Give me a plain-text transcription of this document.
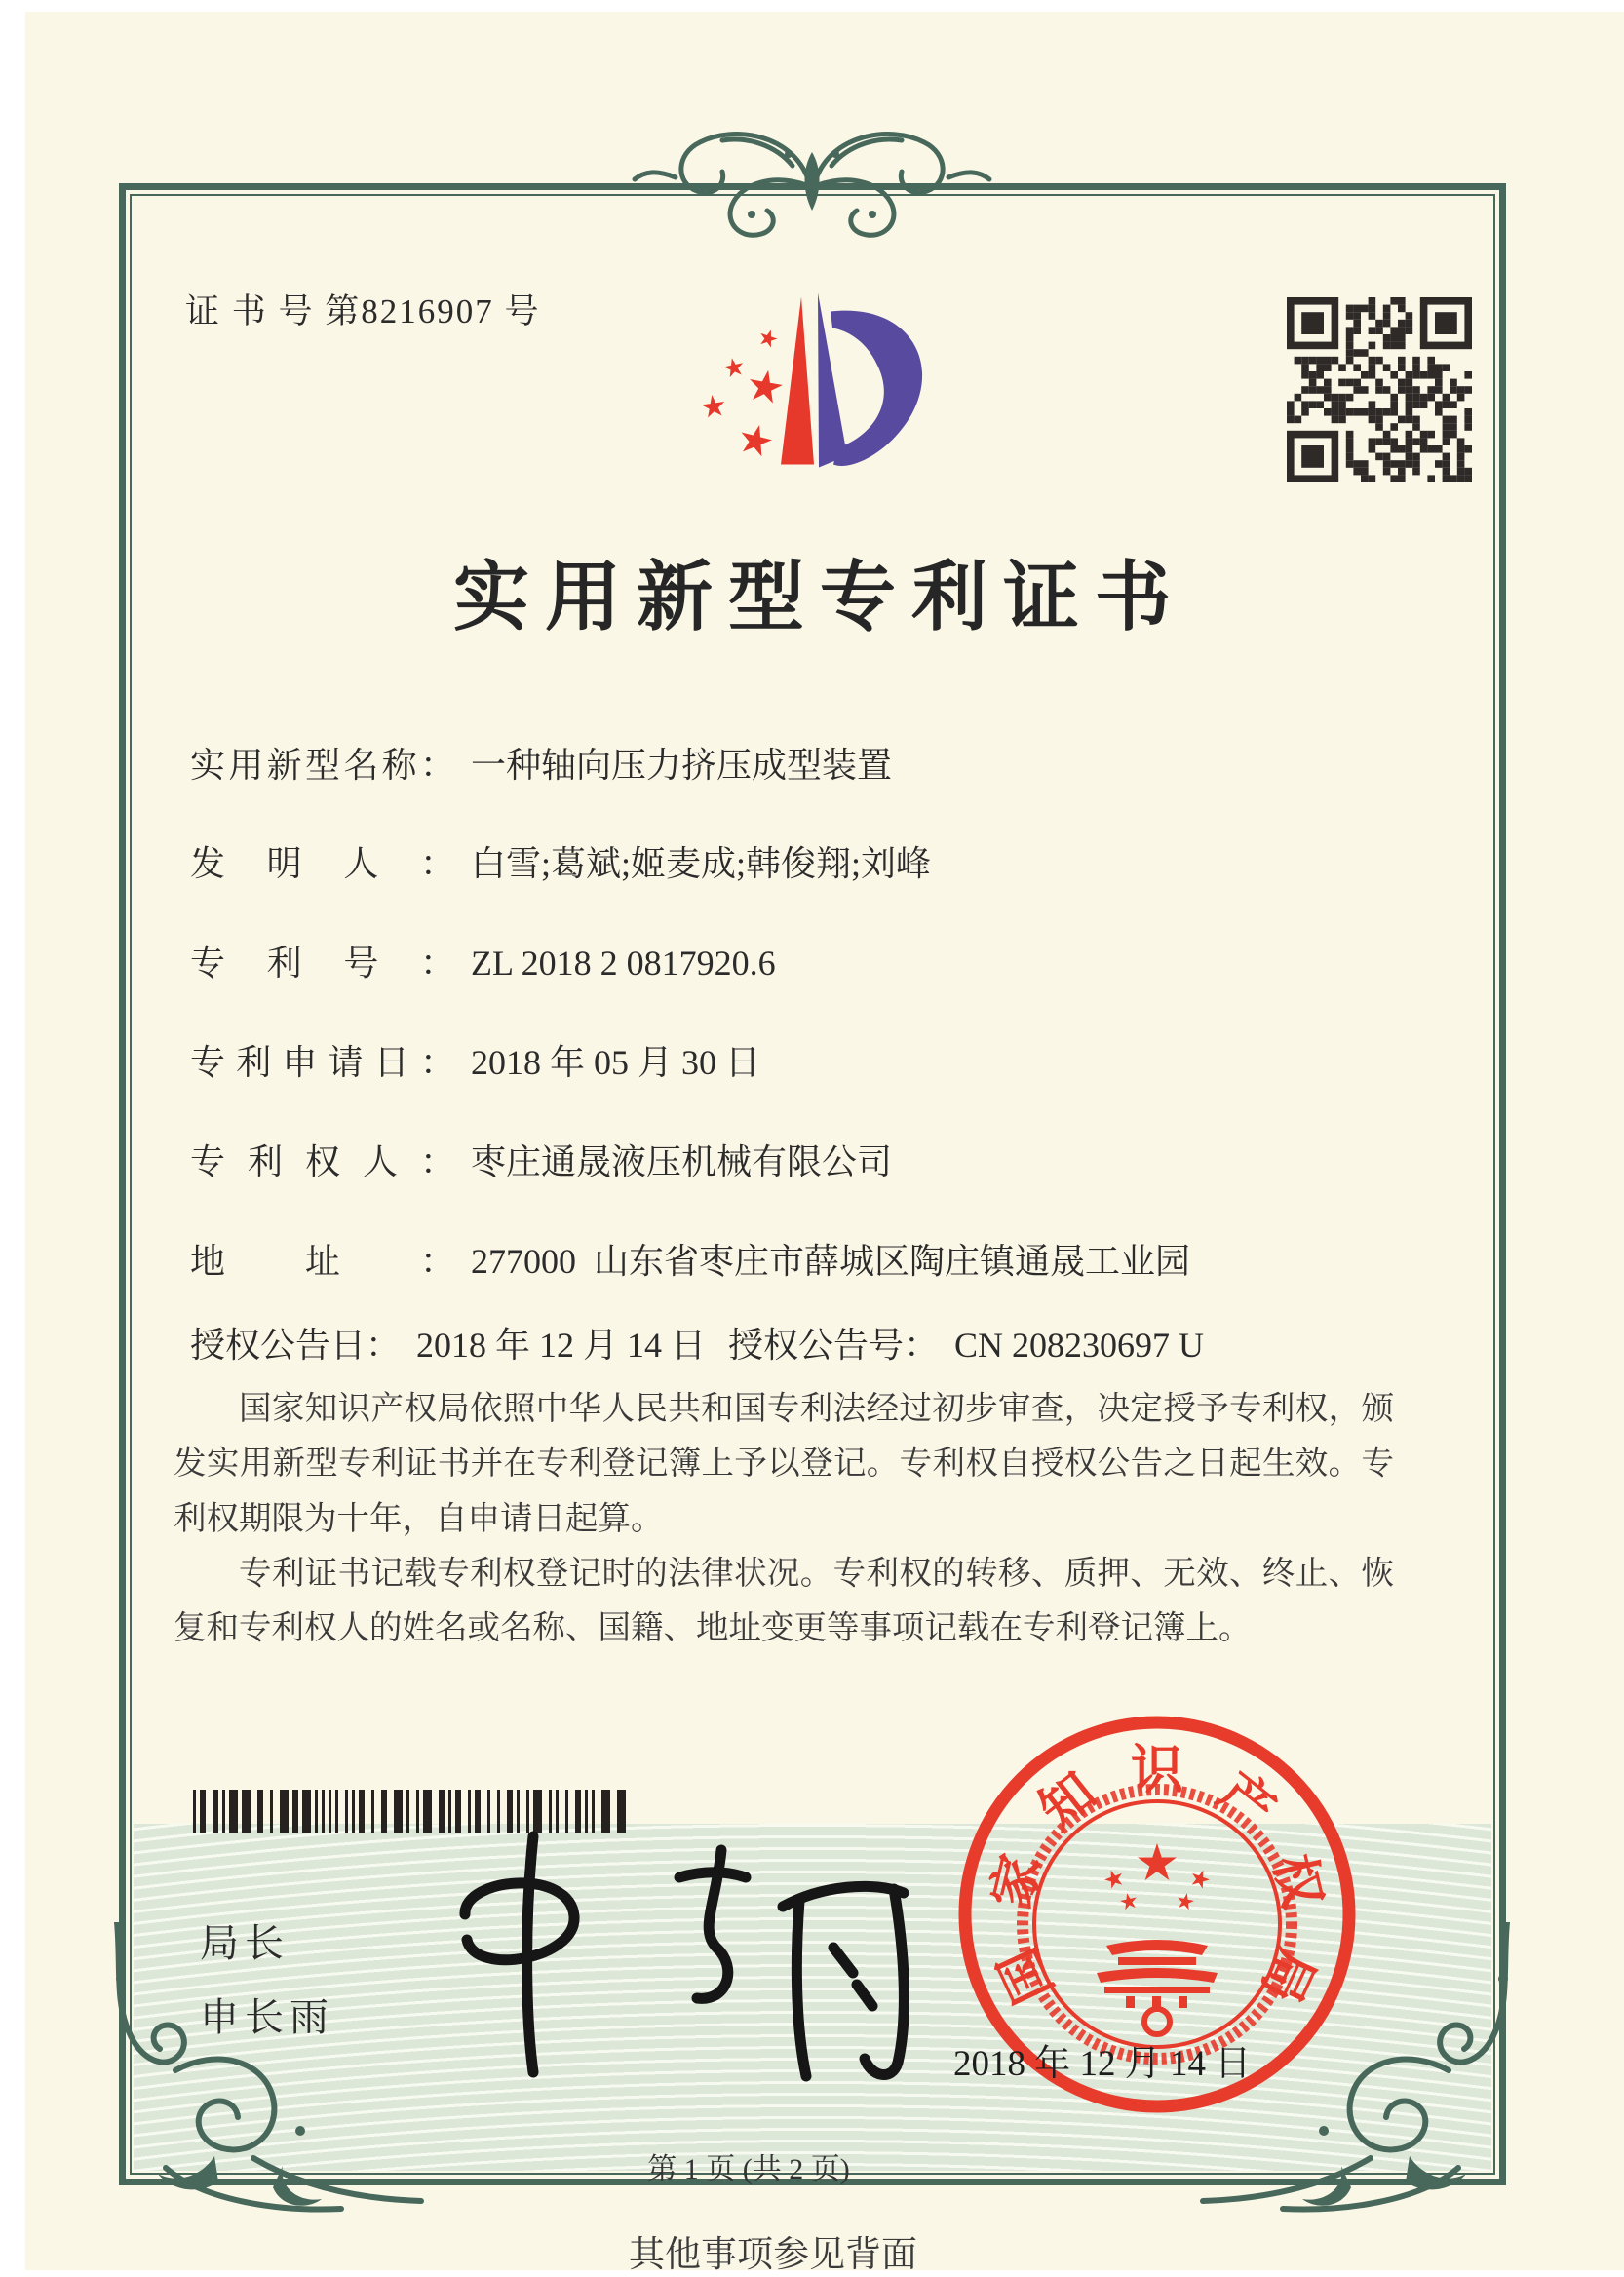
证 书 号 第8216907 号
实用新型专利证书
实用新型名称： 一种轴向压力挤压成型装置
发明人： 白雪;葛斌;姬麦成;韩俊翔;刘峰
专利号： ZL 2018 2 0817920.6
专利申请日： 2018 年 05 月 30 日
专利权人： 枣庄通晟液压机械有限公司
地址： 277000  山东省枣庄市薛城区陶庄镇通晟工业园
授权公告日： 2018 年 12 月 14 日 授权公告号： CN 208230697 U

国家知识产权局依照中华人民共和国专利法经过初步审查，决定授予专利权，颁发实用新型专利证书并在专利登记簿上予以登记。专利权自授权公告之日起生效。专利权期限为十年，自申请日起算。

专利证书记载专利权登记时的法律状况。专利权的转移、质押、无效、终止、恢复和专利权人的姓名或名称、国籍、地址变更等事项记载在专利登记簿上。

局长
申长雨
国
家
知 识 产
权
局
2018 年 12 月 14 日
第 1 页 (共 2 页)
其他事项参见背面
